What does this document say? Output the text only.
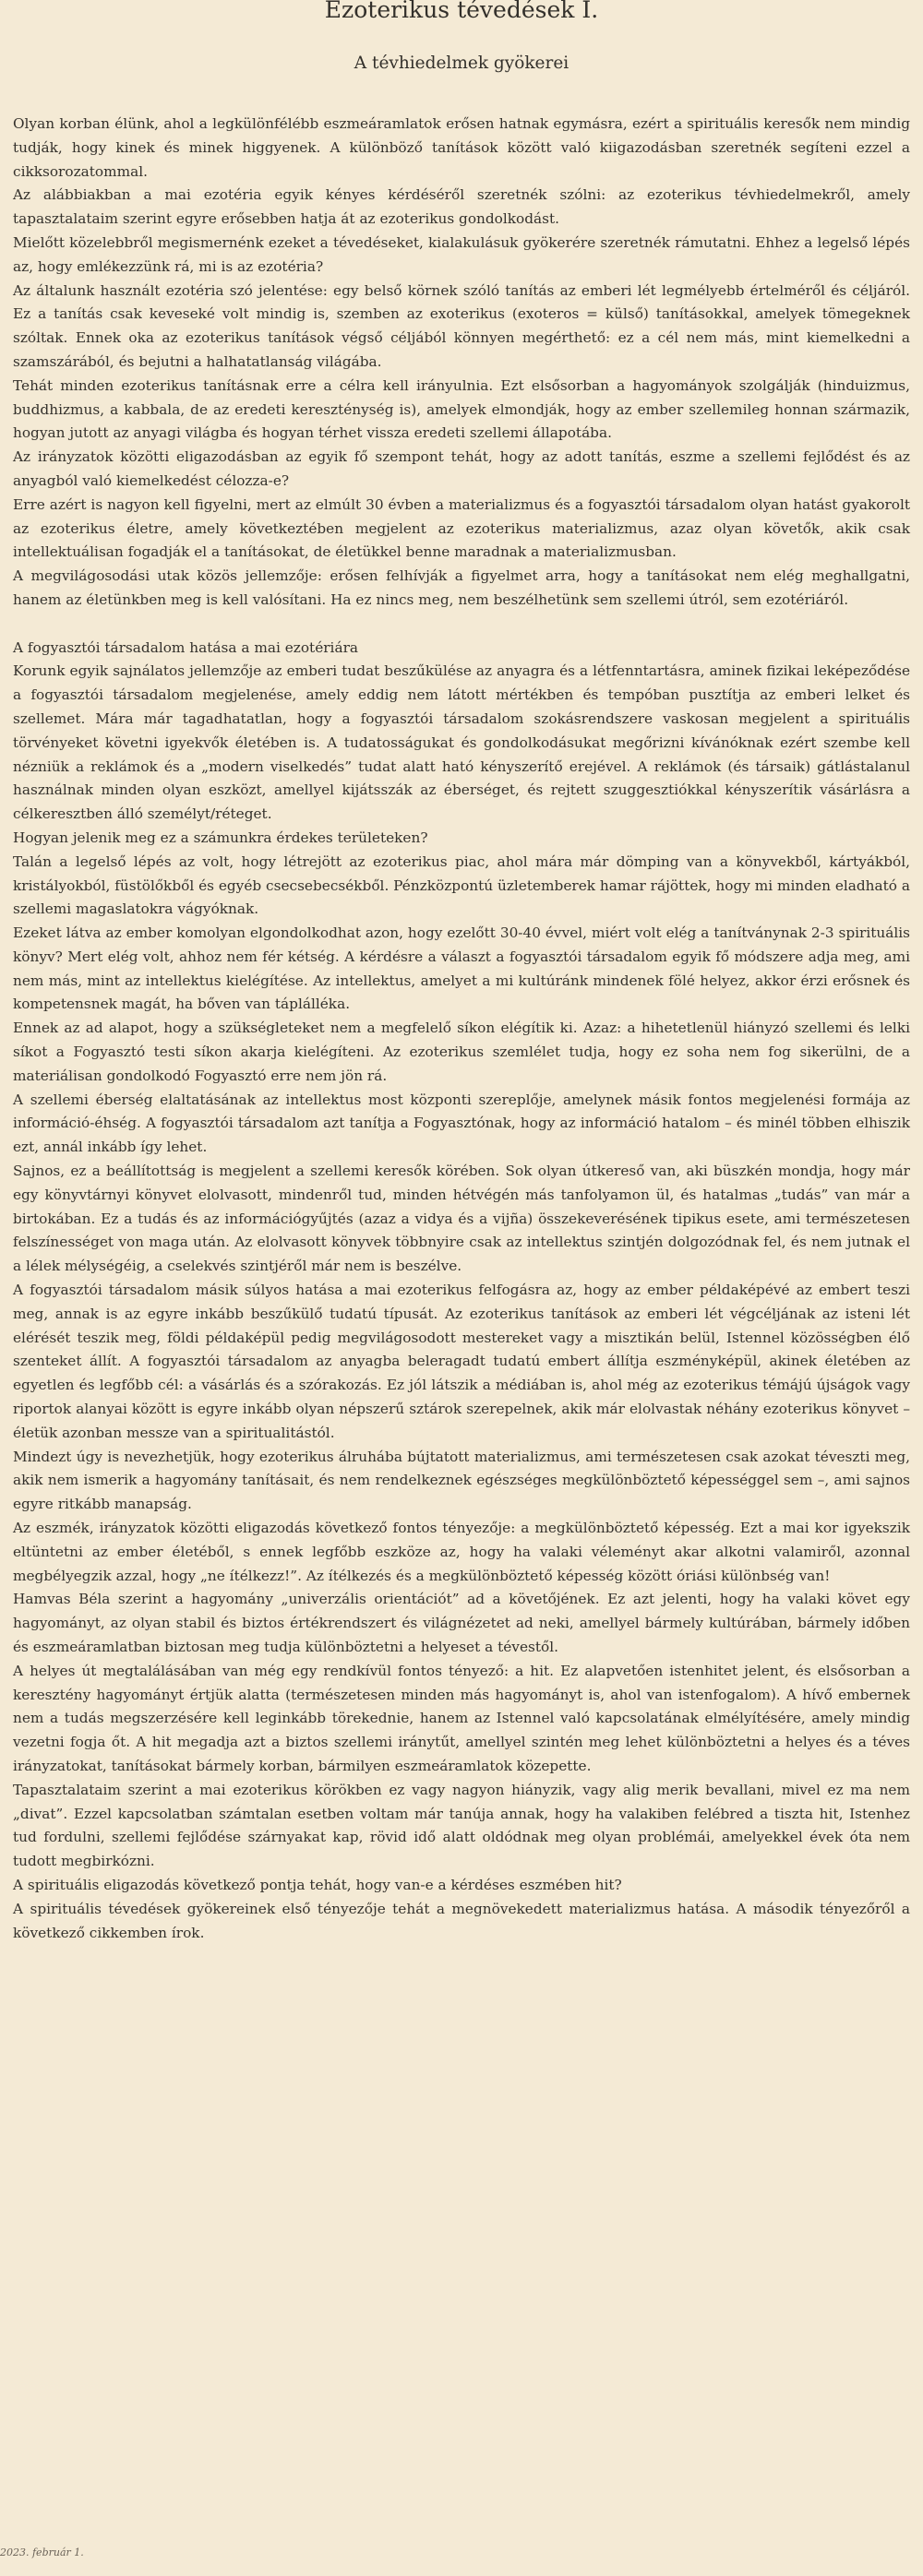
Ezoterikus tévedések I.
A tévhiedelmek gyökerei

Olyan korban élünk, ahol a legkülönfélébb eszmeáramlatok erősen hatnak egymásra, ezért a spirituális keresők nem mindig tudják, hogy kinek és minek higgyenek. A különböző tanítások között való kiigazodásban szeretnék segíteni ezzel a cikksorozatommal.

Az alábbiakban a mai ezotéria egyik kényes kérdéséről szeretnék szólni: az ezoterikus tévhiedelmekről, amely tapasztalataim szerint egyre erősebben hatja át az ezoterikus gondolkodást.

Mielőtt közelebbről megismernénk ezeket a tévedéseket, kialakulásuk gyökerére szeretnék rámutatni. Ehhez a legelső lépés az, hogy emlékezzünk rá, mi is az ezotéria?

Az általunk használt ezotéria szó jelentése: egy belső körnek szóló tanítás az emberi lét legmélyebb értelméről és céljáról. Ez a tanítás csak keveseké volt mindig is, szemben az exoterikus (exoteros = külső) tanításokkal, amelyek tömegeknek szóltak. Ennek oka az ezoterikus tanítások végső céljából könnyen megérthető: ez a cél nem más, mint kiemelkedni a szamszárából, és bejutni a halhatatlanság világába.

Tehát minden ezoterikus tanításnak erre a célra kell irányulnia. Ezt elsősorban a hagyományok szolgálják (hinduizmus, buddhizmus, a kabbala, de az eredeti kereszténység is), amelyek elmondják, hogy az ember szellemileg honnan származik, hogyan jutott az anyagi világba és hogyan térhet vissza eredeti szellemi állapotába.

Az irányzatok közötti eligazodásban az egyik fő szempont tehát, hogy az adott tanítás, eszme a szellemi fejlődést és az anyagból való kiemelkedést célozza-e?

Erre azért is nagyon kell figyelni, mert az elmúlt 30 évben a materializmus és a fogyasztói társadalom olyan hatást gyakorolt az ezoterikus életre, amely következtében megjelent az ezoterikus materializmus, azaz olyan követők, akik csak intellektuálisan fogadják el a tanításokat, de életükkel benne maradnak a materializmusban.

A megvilágosodási utak közös jellemzője: erősen felhívják a figyelmet arra, hogy a tanításokat nem elég meghallgatni, hanem az életünkben meg is kell valósítani. Ha ez nincs meg, nem beszélhetünk sem szellemi útról, sem ezotériáról.

A fogyasztói társadalom hatása a mai ezotériára

Korunk egyik sajnálatos jellemzője az emberi tudat beszűkülése az anyagra és a létfenntartásra, aminek fizikai leképeződése a fogyasztói társadalom megjelenése, amely eddig nem látott mértékben és tempóban pusztítja az emberi lelket és szellemet. Mára már tagadhatatlan, hogy a fogyasztói társadalom szokásrendszere vaskosan megjelent a spirituális törvényeket követni igyekvők életében is. A tudatosságukat és gondolkodásukat megőrizni kívánóknak ezért szembe kell nézniük a reklámok és a „modern viselkedés” tudat alatt ható kényszerítő erejével. A reklámok (és társaik) gátlástalanul használnak minden olyan eszközt, amellyel kijátsszák az éberséget, és rejtett szuggesztiókkal kényszerítik vásárlásra a célkeresztben álló személyt/réteget.

Hogyan jelenik meg ez a számunkra érdekes területeken?

Talán a legelső lépés az volt, hogy létrejött az ezoterikus piac, ahol mára már dömping van a könyvekből, kártyákból, kristályokból, füstölőkből és egyéb csecsebecsékből. Pénzközpontú üzletemberek hamar rájöttek, hogy mi minden eladható a szellemi magaslatokra vágyóknak.

Ezeket látva az ember komolyan elgondolkodhat azon, hogy ezelőtt 30-40 évvel, miért volt elég a tanítványnak 2-3 spirituális könyv? Mert elég volt, ahhoz nem fér kétség. A kérdésre a választ a fogyasztói társadalom egyik fő módszere adja meg, ami nem más, mint az intellektus kielégítése. Az intellektus, amelyet a mi kultúránk mindenek fölé helyez, akkor érzi erősnek és kompetensnek magát, ha bőven van táplálléka.

Ennek az ad alapot, hogy a szükségleteket nem a megfelelő síkon elégítik ki. Azaz: a hihetetlenül hiányzó szellemi és lelki síkot a Fogyasztó testi síkon akarja kielégíteni. Az ezoterikus szemlélet tudja, hogy ez soha nem fog sikerülni, de a materiálisan gondolkodó Fogyasztó erre nem jön rá.

A szellemi éberség elaltatásának az intellektus most központi szereplője, amelynek másik fontos megjelenési formája az információ-éhség. A fogyasztói társadalom azt tanítja a Fogyasztónak, hogy az információ hatalom – és minél többen elhiszik ezt, annál inkább így lehet.

Sajnos, ez a beállítottság is megjelent a szellemi keresők körében. Sok olyan útkereső van, aki büszkén mondja, hogy már egy könyvtárnyi könyvet elolvasott, mindenről tud, minden hétvégén más tanfolyamon ül, és hatalmas „tudás” van már a birtokában. Ez a tudás és az információgyűjtés (azaz a vidya és a vijña) összekeverésének tipikus esete, ami természetesen felszínességet von maga után. Az elolvasott könyvek többnyire csak az intellektus szintjén dolgozódnak fel, és nem jutnak el a lélek mélységéig, a cselekvés szintjéről már nem is beszélve.

A fogyasztói társadalom másik súlyos hatása a mai ezoterikus felfogásra az, hogy az ember példaképévé az embert teszi meg, annak is az egyre inkább beszűkülő tudatú típusát. Az ezoterikus tanítások az emberi lét végcéljának az isteni lét elérését teszik meg, földi példaképül pedig megvilágosodott mestereket vagy a misztikán belül, Istennel közösségben élő szenteket állít. A fogyasztói társadalom az anyagba beleragadt tudatú embert állítja eszményképül, akinek életében az egyetlen és legfőbb cél: a vásárlás és a szórakozás. Ez jól látszik a médiában is, ahol még az ezoterikus témájú újságok vagy riportok alanyai között is egyre inkább olyan népszerű sztárok szerepelnek, akik már elolvastak néhány ezoterikus könyvet – életük azonban messze van a spiritualitástól.

Mindezt úgy is nevezhetjük, hogy ezoterikus álruhába bújtatott materializmus, ami természetesen csak azokat téveszti meg, akik nem ismerik a hagyomány tanításait, és nem rendelkeznek egészséges megkülönböztető képességgel sem –, ami sajnos egyre ritkább manapság.

Az eszmék, irányzatok közötti eligazodás következő fontos tényezője: a megkülönböztető képesség. Ezt a mai kor igyekszik eltüntetni az ember életéből, s ennek legfőbb eszköze az, hogy ha valaki véleményt akar alkotni valamiről, azonnal megbélyegzik azzal, hogy „ne ítélkezz!”. Az ítélkezés és a megkülönböztető képesség között óriási különbség van!

Hamvas Béla szerint a hagyomány „univerzális orientációt” ad a követőjének. Ez azt jelenti, hogy ha valaki követ egy hagyományt, az olyan stabil és biztos értékrendszert és világnézetet ad neki, amellyel bármely kultúrában, bármely időben és eszmeáramlatban biztosan meg tudja különböztetni a helyeset a tévestől.

A helyes út megtalálásában van még egy rendkívül fontos tényező: a hit. Ez alapvetően istenhitet jelent, és elsősorban a keresztény hagyományt értjük alatta (természetesen minden más hagyományt is, ahol van istenfogalom). A hívő embernek nem a tudás megszerzésére kell leginkább törekednie, hanem az Istennel való kapcsolatának elmélyítésére, amely mindig vezetni fogja őt. A hit megadja azt a biztos szellemi iránytűt, amellyel szintén meg lehet különböztetni a helyes és a téves irányzatokat, tanításokat bármely korban, bármilyen eszmeáramlatok közepette.

Tapasztalataim szerint a mai ezoterikus körökben ez vagy nagyon hiányzik, vagy alig merik bevallani, mivel ez ma nem „divat”. Ezzel kapcsolatban számtalan esetben voltam már tanúja annak, hogy ha valakiben felébred a tiszta hit, Istenhez tud fordulni, szellemi fejlődése szárnyakat kap, rövid idő alatt oldódnak meg olyan problémái, amelyekkel évek óta nem tudott megbirkózni.

A spirituális eligazodás következő pontja tehát, hogy van-e a kérdéses eszmében hit?

A spirituális tévedések gyökereinek első tényezője tehát a megnövekedett materializmus hatása. A második tényezőről a következő cikkemben írok.

2023. február 1.
